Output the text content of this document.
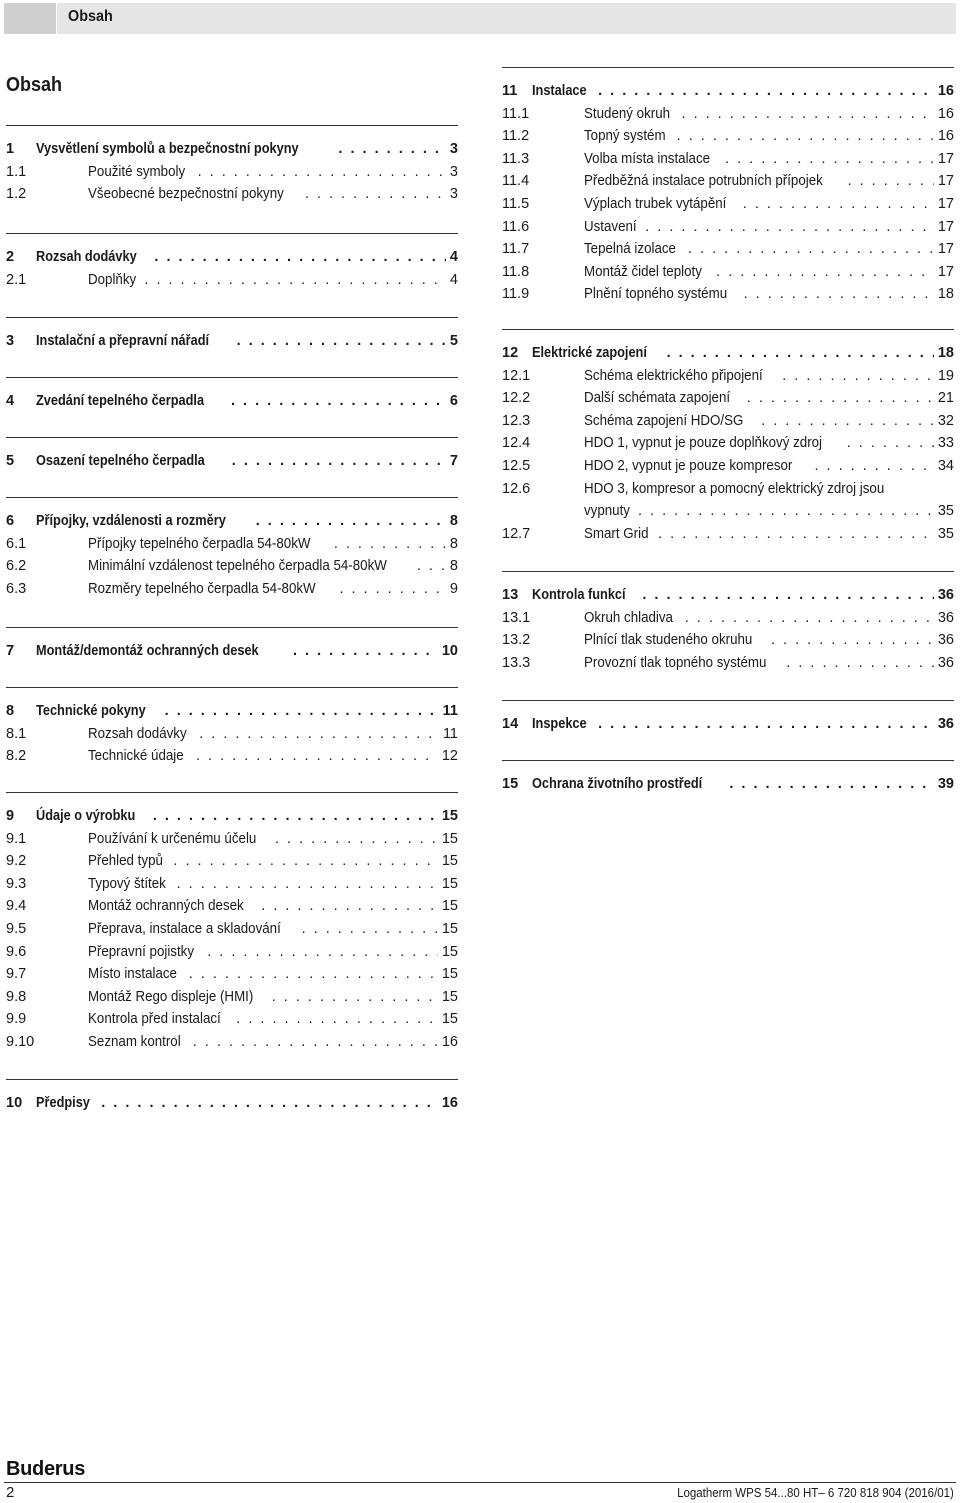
Obsah
Obsah
1	Vysvětlení symbolů a bezpečnostní pokyny . . .	3
1.1	Použité symboly . . .	3
1.2	Všeobecné bezpečnostní pokyny . . .	3
2	Rozsah dodávky . . .	4
2.1	Doplňky . . .	4
3	Instalační a přepravní nářadí . . .	5
4	Zvedání tepelného čerpadla . . .	6
5	Osazení tepelného čerpadla . . .	7
6	Přípojky, vzdálenosti a rozměry . . .	8
6.1	Přípojky tepelného čerpadla 54-80kW . . .	8
6.2	Minimální vzdálenost tepelného čerpadla 54-80kW . . .	8
6.3	Rozměry tepelného čerpadla 54-80kW . . .	9
7	Montáž/demontáž ochranných desek . . .	10
8	Technické pokyny . . .	11
8.1	Rozsah dodávky . . .	11
8.2	Technické údaje . . .	12
9	Údaje o výrobku . . .	15
9.1	Používání k určenému účelu . . .	15
9.2	Přehled typů . . .	15
9.3	Typový štítek . . .	15
9.4	Montáž ochranných desek . . .	15
9.5	Přeprava, instalace a skladování . . .	15
9.6	Přepravní pojistky . . .	15
9.7	Místo instalace . . .	15
9.8	Montáž Rego displeje (HMI) . . .	15
9.9	Kontrola před instalací . . .	15
9.10	Seznam kontrol . . .	16
10 Předpisy . . .	16
11	Instalace . . .	16
11.1	Studený okruh . . .	16
11.2	Topný systém . . .	16
11.3	Volba místa instalace . . .	17
11.4	Předběžná instalace potrubních přípojek . . .	17
11.5	Výplach trubek vytápění . . .	17
11.6	Ustavení . . .	17
11.7	Tepelná izolace . . .	17
11.8	Montáž čidel teploty . . .	17
11.9	Plnění topného systému . . .	18
12 Elektrické zapojení . . .	18
12.1	Schéma elektrického připojení . . .	19
12.2	Další schémata zapojení . . .	21
12.3	Schéma zapojení HDO/SG . . .	32
12.4	HDO 1, vypnut je pouze doplňkový zdroj . . .	33
12.5	HDO 2, vypnut je pouze kompresor . . .	34
12.6	HDO 3, kompresor a pomocný elektrický zdroj jsou
vypnuty . . .	35
12.7	Smart Grid . . .	35
13 Kontrola funkcí . . .	36
13.1	Okruh chladiva . . .	36
13.2	Plnící tlak studeného okruhu . . .	36
13.3	Provozní tlak topného systému . . .	36
14 Inspekce . . .	36
15 Ochrana životního prostředí . . .	39
Buderus
2	Logatherm WPS 54...80 HT– 6 720 818 904 (2016/01)
